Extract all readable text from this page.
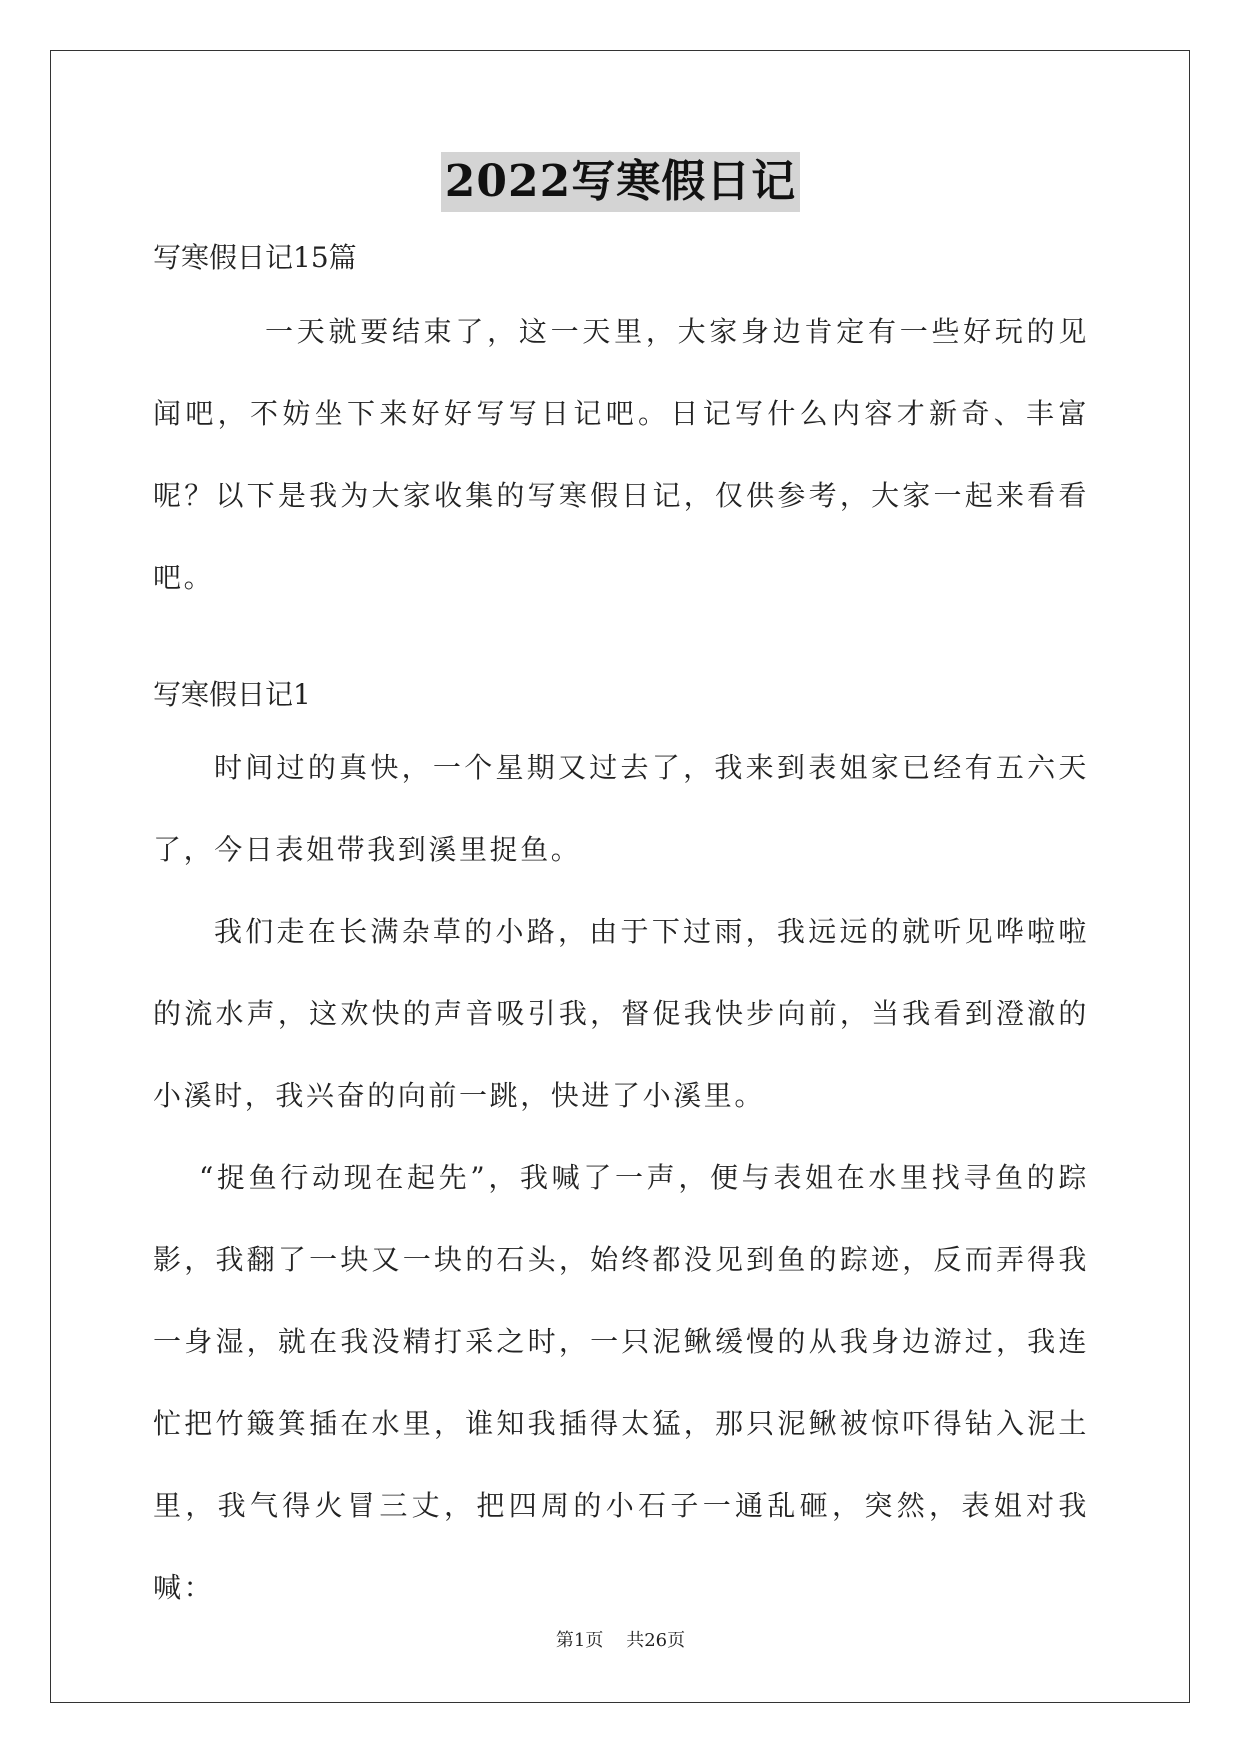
2022写寒假日记
写寒假日记15篇
一天就要结束了，这一天里，大家身边肯定有一些好玩的见闻吧，不妨坐下来好好写写日记吧。日记写什么内容才新奇、丰富呢？以下是我为大家收集的写寒假日记，仅供参考，大家一起来看看吧。
写寒假日记1
时间过的真快，一个星期又过去了，我来到表姐家已经有五六天了，今日表姐带我到溪里捉鱼。
我们走在长满杂草的小路，由于下过雨，我远远的就听见哗啦啦的流水声，这欢快的声音吸引我，督促我快步向前，当我看到澄澈的小溪时，我兴奋的向前一跳，快进了小溪里。
“捉鱼行动现在起先”，我喊了一声，便与表姐在水里找寻鱼的踪影，我翻了一块又一块的石头，始终都没见到鱼的踪迹，反而弄得我一身湿，就在我没精打采之时，一只泥鳅缓慢的从我身边游过，我连忙把竹簸箕插在水里，谁知我插得太猛，那只泥鳅被惊吓得钻入泥土里，我气得火冒三丈，把四周的小石子一通乱砸，突然，表姐对我喊：
第1页 共26页
